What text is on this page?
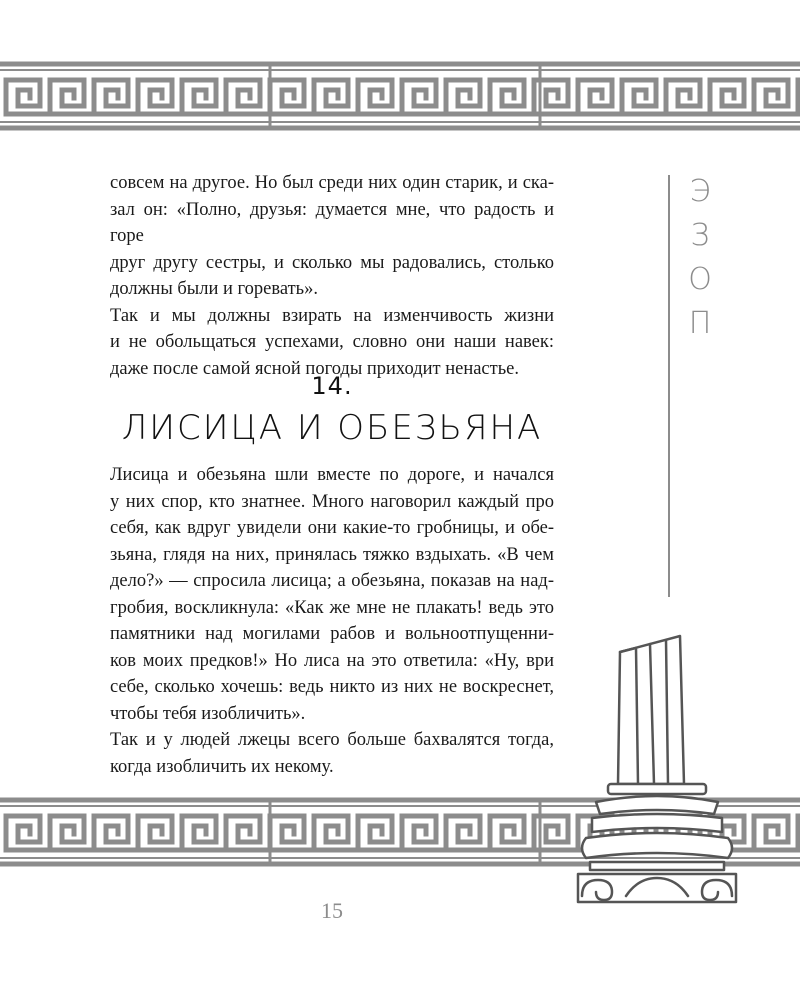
совсем на другое. Но был среди них один старик, и ска-

зал он: «Полно, друзья: думается мне, что радость и горе

друг другу сестры, и сколько мы радовались, столько

должны были и горевать».

Так и мы должны взирать на изменчивость жизни

и не обольщаться успехами, словно они наши навек:

даже после самой ясной погоды приходит ненастье.

14.
ЛИСИЦА И ОБЕЗЬЯНА

Лисица и обезьяна шли вместе по дороге, и начался

у них спор, кто знатнее. Много наговорил каждый про

себя, как вдруг увидели они какие-то гробницы, и обе-

зьяна, глядя на них, принялась тяжко вздыхать. «В чем

дело?» — спросила лисица; а обезьяна, показав на над-

гробия, воскликнула: «Как же мне не плакать! ведь это

памятники над могилами рабов и вольноотпущенни-

ков моих предков!» Но лиса на это ответила: «Ну, ври

себе, сколько хочешь: ведь никто из них не воскреснет,

чтобы тебя изобличить».

Так и у людей лжецы всего больше бахвалятся тогда,

когда изобличить их некому.

Э
З
О
П
15
